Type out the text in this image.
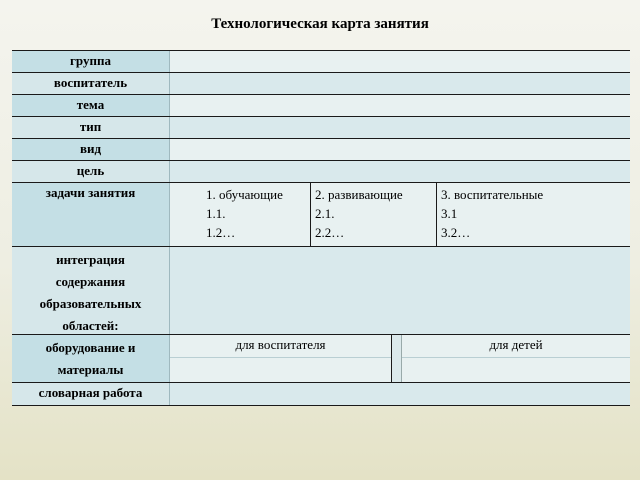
Технологическая карта занятия
группа
воспитатель
тема
тип
вид
цель
задачи занятия	1. обучающие
1.1.
1.2…
2. развивающие
2.1.
2.2…
3. воспитательные
3.1
3.2…
интеграция
содержания
образовательных
областей:
оборудование и
материалы
для воспитателя	для детей
словарная работа
